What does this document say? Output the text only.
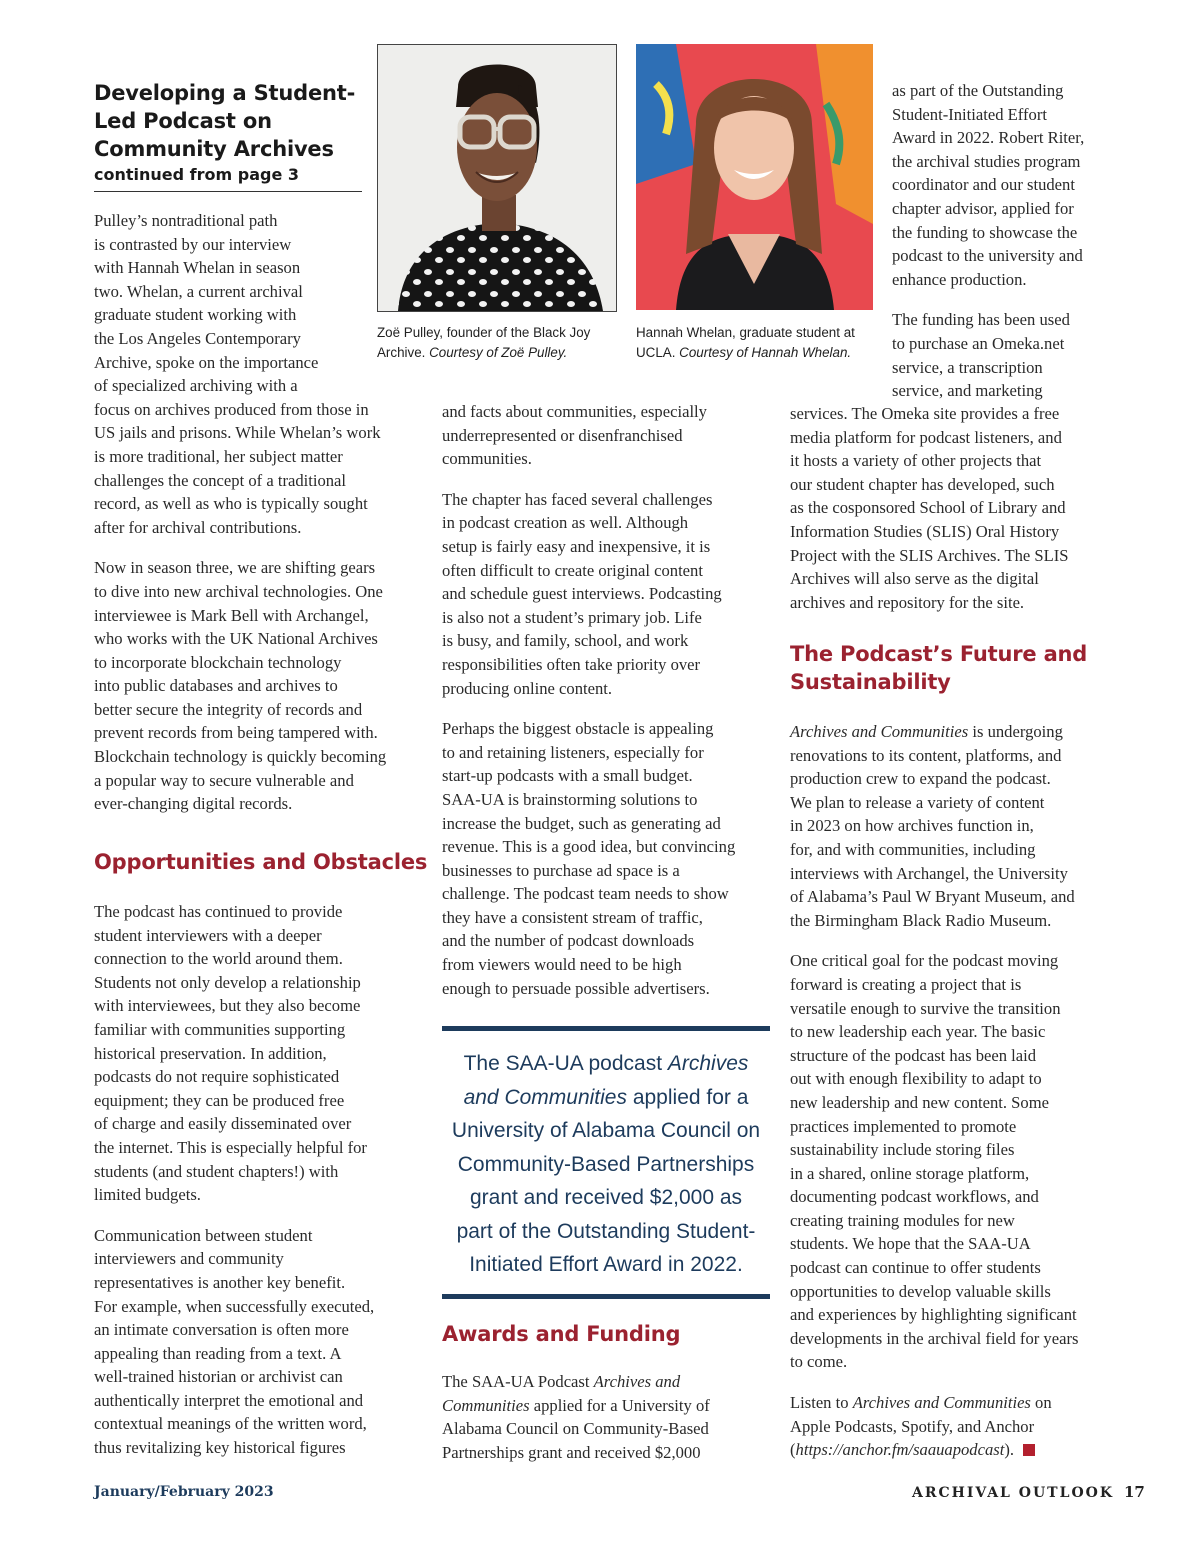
Developing a Student-
Led Podcast on
Community Archives
continued from page 3
Zoë Pulley, founder of the Black Joy
Archive. Courtesy of Zoë Pulley.
Hannah Whelan, graduate student at
UCLA. Courtesy of Hannah Whelan.
Pulley’s nontraditional path
is contrasted by our interview
with Hannah Whelan in season
two. Whelan, a current archival
graduate student working with
the Los Angeles Contemporary
Archive, spoke on the importance
of specialized archiving with a
focus on archives produced from those in
US jails and prisons. While Whelan’s work
is more traditional, her subject matter
challenges the concept of a traditional
record, as well as who is typically sought
after for archival contributions.
Now in season three, we are shifting gears
to dive into new archival technologies. One
interviewee is Mark Bell with Archangel,
who works with the UK National Archives
to incorporate blockchain technology
into public databases and archives to
better secure the integrity of records and
prevent records from being tampered with.
Blockchain technology is quickly becoming
a popular way to secure vulnerable and
ever-changing digital records.
Opportunities and Obstacles
The podcast has continued to provide
student interviewers with a deeper
connection to the world around them.
Students not only develop a relationship
with interviewees, but they also become
familiar with communities supporting
historical preservation. In addition,
podcasts do not require sophisticated
equipment; they can be produced free
of charge and easily disseminated over
the internet. This is especially helpful for
students (and student chapters!) with
limited budgets.
Communication between student
interviewers and community
representatives is another key benefit.
For example, when successfully executed,
an intimate conversation is often more
appealing than reading from a text. A
well-trained historian or archivist can
authentically interpret the emotional and
contextual meanings of the written word,
thus revitalizing key historical figures
and facts about communities, especially
underrepresented or disenfranchised
communities.
The chapter has faced several challenges
in podcast creation as well. Although
setup is fairly easy and inexpensive, it is
often difficult to create original content
and schedule guest interviews. Podcasting
is also not a student’s primary job. Life
is busy, and family, school, and work
responsibilities often take priority over
producing online content.
Perhaps the biggest obstacle is appealing
to and retaining listeners, especially for
start-up podcasts with a small budget.
SAA-UA is brainstorming solutions to
increase the budget, such as generating ad
revenue. This is a good idea, but convincing
businesses to purchase ad space is a
challenge. The podcast team needs to show
they have a consistent stream of traffic,
and the number of podcast downloads
from viewers would need to be high
enough to persuade possible advertisers.
The SAA-UA podcast Archives
and Communities applied for a
University of Alabama Council on
Community-Based Partnerships
grant and received $2,000 as
part of the Outstanding Student-
Initiated Effort Award in 2022.
Awards and Funding
The SAA-UA Podcast Archives and
Communities applied for a University of
Alabama Council on Community-Based
Partnerships grant and received $2,000
as part of the Outstanding
Student-Initiated Effort
Award in 2022. Robert Riter,
the archival studies program
coordinator and our student
chapter advisor, applied for
the funding to showcase the
podcast to the university and
enhance production.
The funding has been used
to purchase an Omeka.net
service, a transcription
service, and marketing
services. The Omeka site provides a free
media platform for podcast listeners, and
it hosts a variety of other projects that
our student chapter has developed, such
as the cosponsored School of Library and
Information Studies (SLIS) Oral History
Project with the SLIS Archives. The SLIS
Archives will also serve as the digital
archives and repository for the site.
The Podcast’s Future and
Sustainability
Archives and Communities is undergoing
renovations to its content, platforms, and
production crew to expand the podcast.
We plan to release a variety of content
in 2023 on how archives function in,
for, and with communities, including
interviews with Archangel, the University
of Alabama’s Paul W Bryant Museum, and
the Birmingham Black Radio Museum.
One critical goal for the podcast moving
forward is creating a project that is
versatile enough to survive the transition
to new leadership each year. The basic
structure of the podcast has been laid
out with enough flexibility to adapt to
new leadership and new content. Some
practices implemented to promote
sustainability include storing files
in a shared, online storage platform,
documenting podcast workflows, and
creating training modules for new
students. We hope that the SAA-UA
podcast can continue to offer students
opportunities to develop valuable skills
and experiences by highlighting significant
developments in the archival field for years
to come.
Listen to Archives and Communities on
Apple Podcasts, Spotify, and Anchor
(https://anchor.fm/saauapodcast).
January/February 2023	ARCHIVAL OUTLOOK 17
